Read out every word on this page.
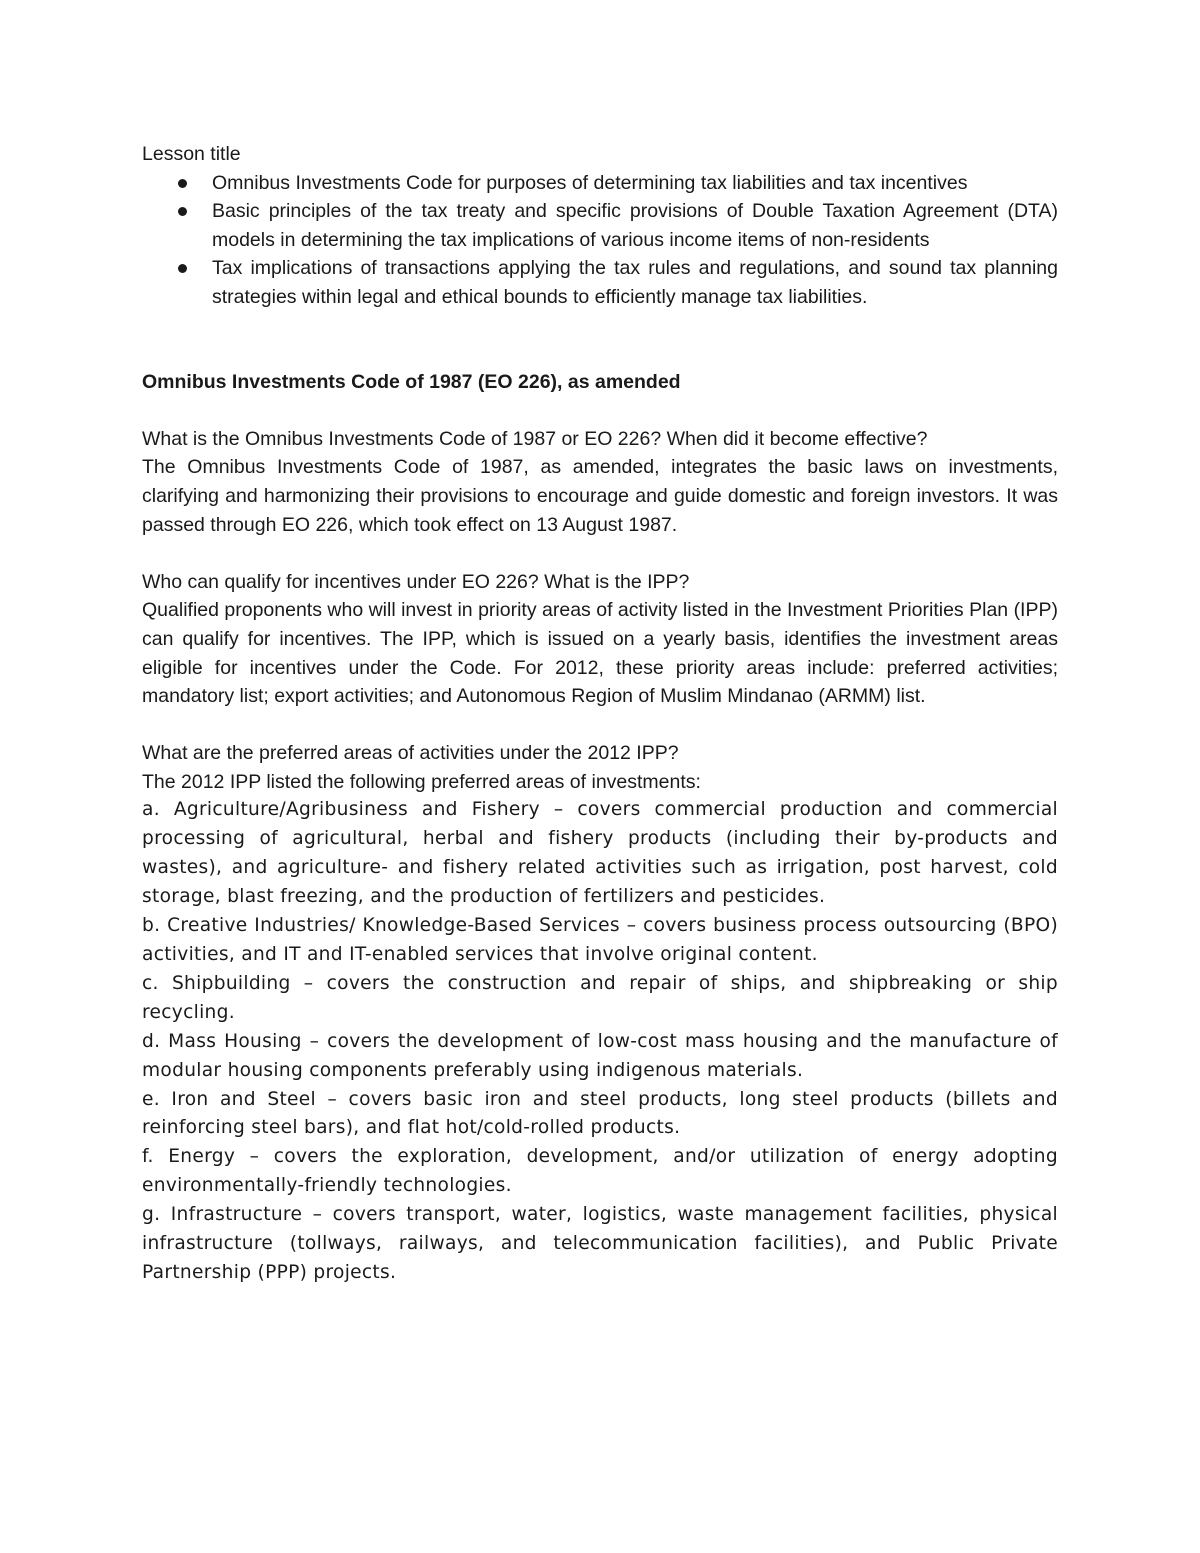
Lesson title

Omnibus Investments Code for purposes of determining tax liabilities and tax incentives
Basic principles of the tax treaty and specific provisions of Double Taxation Agreement (DTA) models in determining the tax implications of various income items of non-residents
Tax implications of transactions applying the tax rules and regulations, and sound tax planning strategies within legal and ethical bounds to efficiently manage tax liabilities.

Omnibus Investments Code of 1987 (EO 226), as amended

What is the Omnibus Investments Code of 1987 or EO 226? When did it become effective?

The Omnibus Investments Code of 1987, as amended, integrates the basic laws on investments, clarifying and harmonizing their provisions to encourage and guide domestic and foreign investors. It was passed through EO 226, which took effect on 13 August 1987.

Who can qualify for incentives under EO 226? What is the IPP?

Qualified proponents who will invest in priority areas of activity listed in the Investment Priorities Plan (IPP) can qualify for incentives. The IPP, which is issued on a yearly basis, identifies the investment areas eligible for incentives under the Code. For 2012, these priority areas include: preferred activities; mandatory list; export activities; and Autonomous Region of Muslim Mindanao (ARMM) list.

What are the preferred areas of activities under the 2012 IPP?

The 2012 IPP listed the following preferred areas of investments:

a. Agriculture/Agribusiness and Fishery – covers commercial production and commercial processing of agricultural, herbal and fishery products (including their by-products and wastes), and agriculture- and fishery related activities such as irrigation, post harvest, cold storage, blast freezing, and the production of fertilizers and pesticides.

b. Creative Industries/ Knowledge-Based Services – covers business process outsourcing (BPO) activities, and IT and IT-enabled services that involve original content.

c. Shipbuilding – covers the construction and repair of ships, and shipbreaking or ship recycling.

d. Mass Housing – covers the development of low-cost mass housing and the manufacture of modular housing components preferably using indigenous materials.

e. Iron and Steel – covers basic iron and steel products, long steel products (billets and reinforcing steel bars), and flat hot/cold-rolled products.

f. Energy – covers the exploration, development, and/or utilization of energy adopting environmentally-friendly technologies.

g. Infrastructure – covers transport, water, logistics, waste management facilities, physical infrastructure (tollways, railways, and telecommunication facilities), and Public Private Partnership (PPP) projects.
